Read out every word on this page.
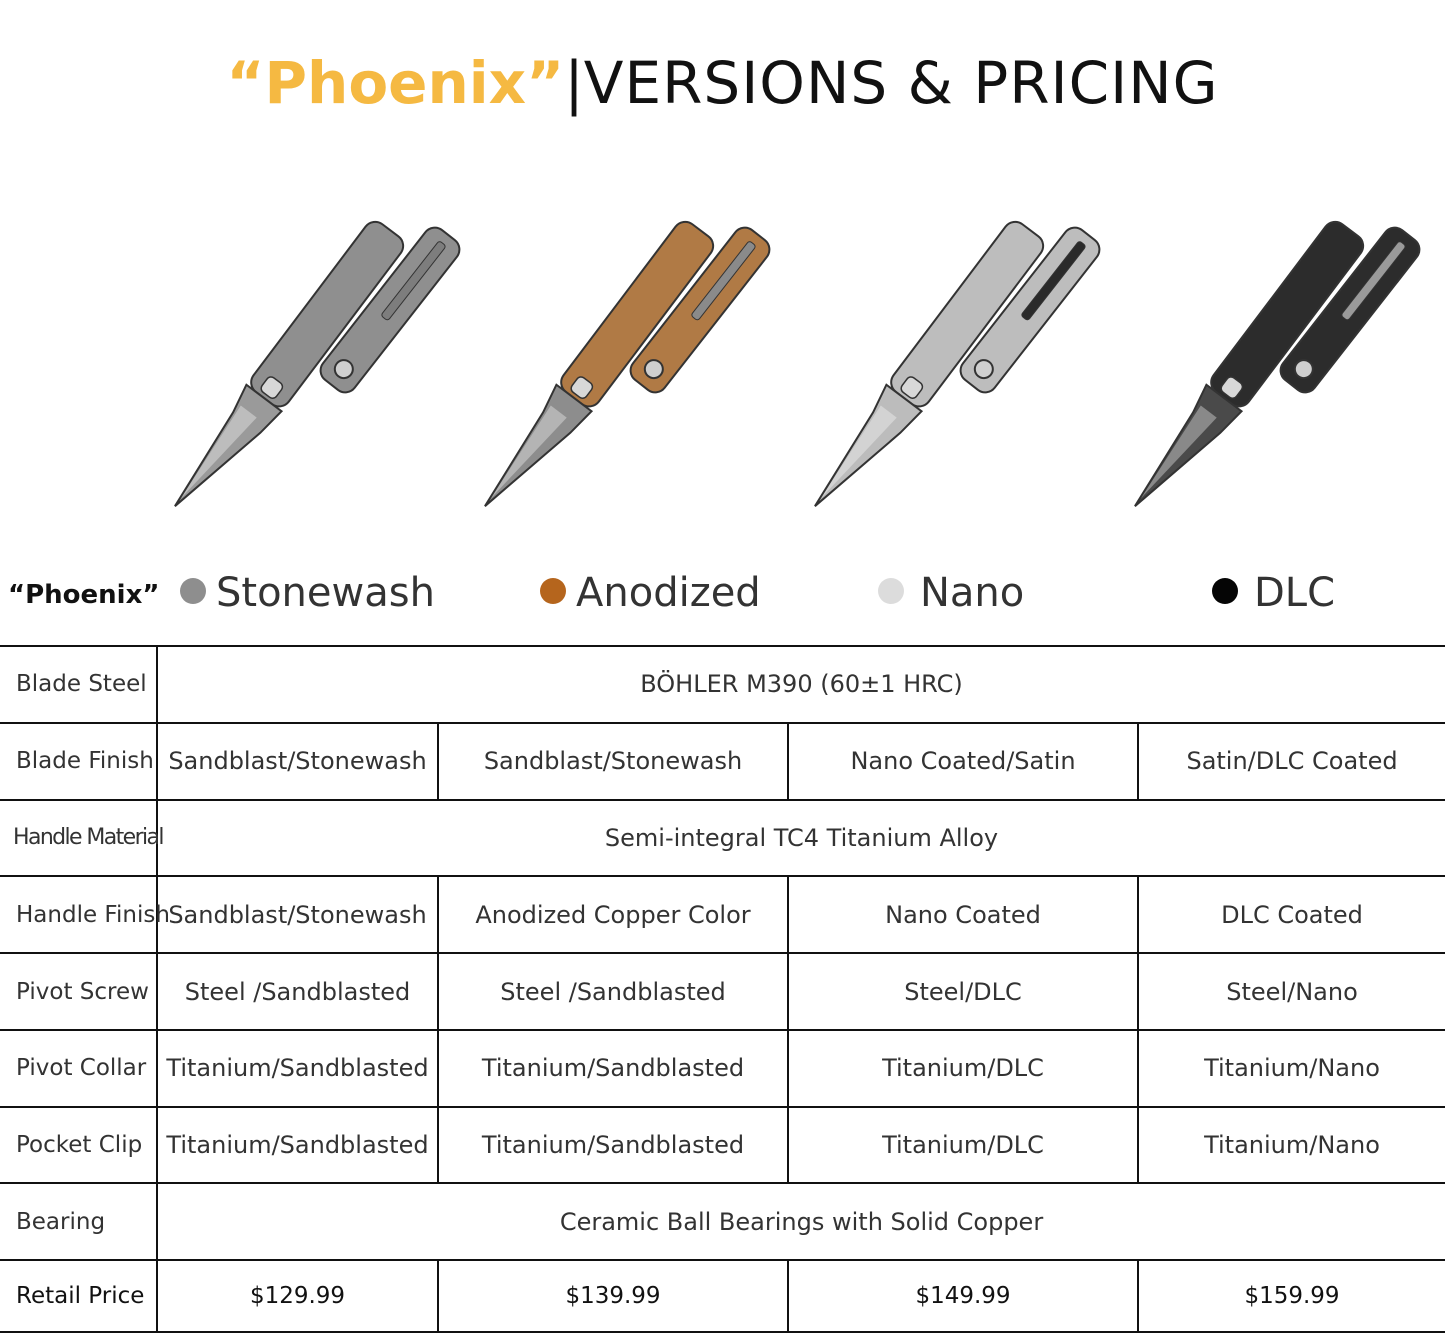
“Phoenix”|VERSIONS & PRICING
“Phoenix”	Stonewash	Anodized	Nano	DLC
Blade Steel	BÖHLER M390 (60±1 HRC)			
Blade Finish	Sandblast/Stonewash	Sandblast/Stonewash	Nano Coated/Satin	Satin/DLC Coated
Handle Material	Semi-integral TC4 Titanium Alloy			
Handle Finish	Sandblast/Stonewash	Anodized Copper Color	Nano Coated	DLC Coated
Pivot Screw	Steel /Sandblasted	Steel /Sandblasted	Steel/DLC	Steel/Nano
Pivot Collar	Titanium/Sandblasted	Titanium/Sandblasted	Titanium/DLC	Titanium/Nano
Pocket Clip	Titanium/Sandblasted	Titanium/Sandblasted	Titanium/DLC	Titanium/Nano
Bearing	Ceramic Ball Bearings with Solid Copper			
Retail Price	$129.99	$139.99	$149.99	$159.99
